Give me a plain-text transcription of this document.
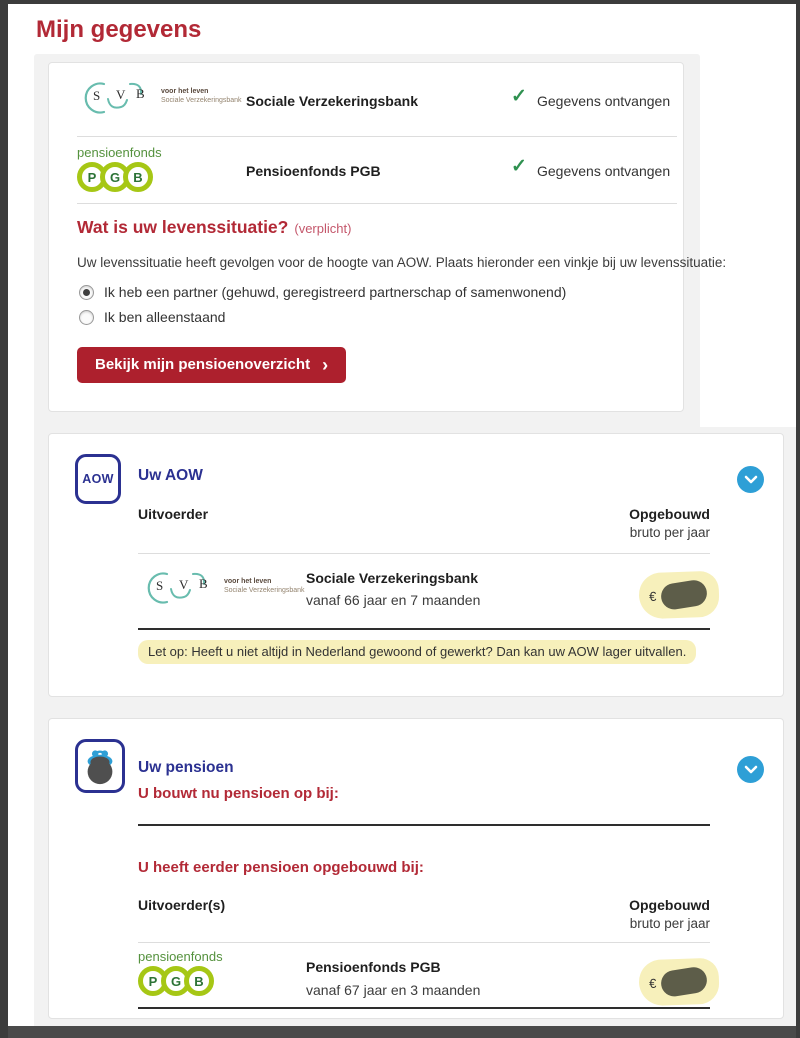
Mijn gegevens
S V B voor het leven
Sociale Verzekeringsbank Sociale Verzekeringsbank	✓ Gegevens ontvangen
pensioenfonds
P	G	B	Pensioenfonds PGB	✓ Gegevens ontvangen
Wat is uw levenssituatie? (verplicht)
Uw levenssituatie heeft gevolgen voor de hoogte van AOW. Plaats hieronder een vinkje bij uw levenssituatie:
Ik heb een partner (gehuwd, geregistreerd partnerschap of samenwonend)
Ik ben alleenstaand
Bekijk mijn pensioenoverzicht ›
AOW Uw AOW
Uitvoerder	Opgebouwd
bruto per jaar
S V B voor het leven
Sociale Verzekeringsbank
Sociale Verzekeringsbank
vanaf 66 jaar en 7 maanden	€
Let op: Heeft u niet altijd in Nederland gewoond of gewerkt? Dan kan uw AOW lager uitvallen.
Uw pensioen
U bouwt nu pensioen op bij:
U heeft eerder pensioen opgebouwd bij:
Uitvoerder(s)	Opgebouwd
bruto per jaar
pensioenfonds
P	G	B
Pensioenfonds PGB
vanaf 67 jaar en 3 maanden	€
